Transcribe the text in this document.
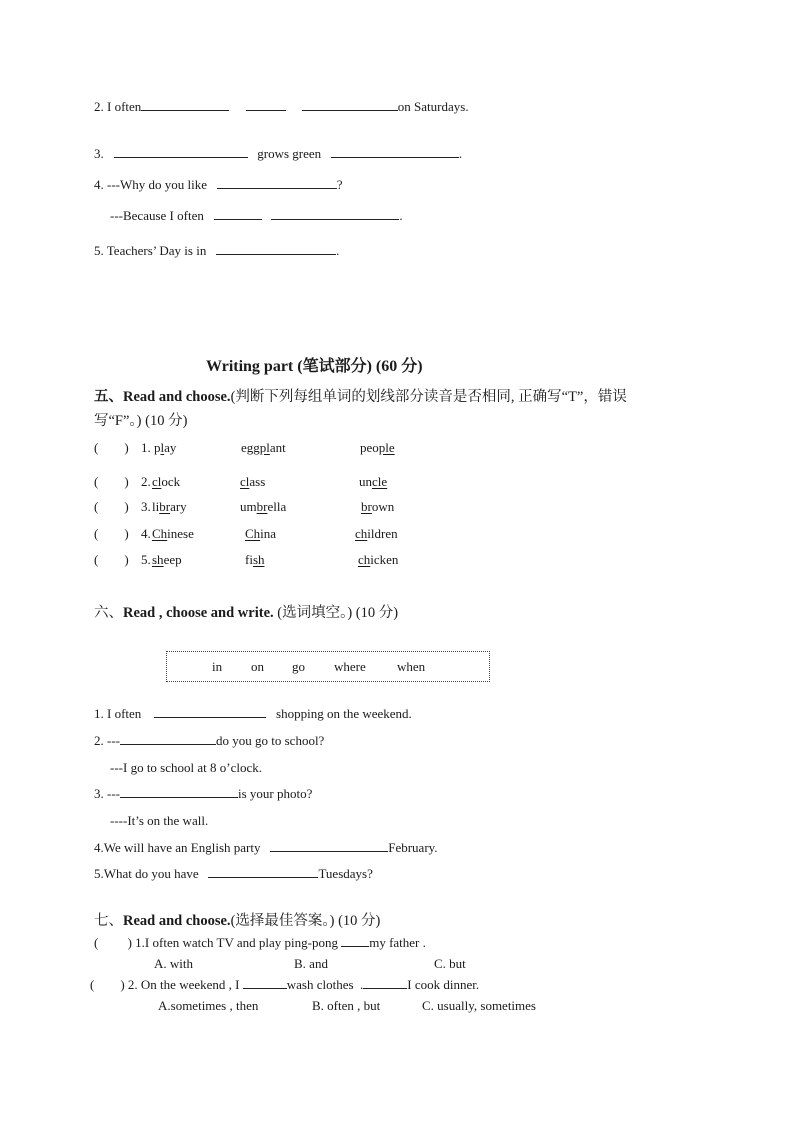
2. I often	on Saturdays.
3.	grows green	.
4. ---Why do you like	?
---Because I often	.
5. Teachers’ Day is in	.
Writing part (笔试部分) (60 分)
五、Read and choose.(判断下列每组单词的划线部分读音是否相同, 正确写“T”，错误
写“F”。) (10 分)
(        ) 1. play	eggplant	people
(        ) 2. clock	class	uncle
(        ) 3. library	umbrella	brown
(        ) 4. Chinese	China	children
(        ) 5. sheep	fish	chicken
六、Read , choose and write. (选词填空。) (10 分)
in on go where when
1. I often	shopping on the weekend.
2. ---	do you go to school?
---I go to school at 8 o’clock.
3. ---	is your photo?
----It’s on the wall.
4.We will have an English party	February.
5.What do you have	Tuesdays?
七、Read and choose.(选择最佳答案。) (10 分)
(         ) 1.I often watch TV and play ping-pong my father .
A. with	B. and	C. but
(        ) 2. On the weekend , I	wash clothes  .	I cook dinner.
A.sometimes , then	B. often , but	C. usually, sometimes
